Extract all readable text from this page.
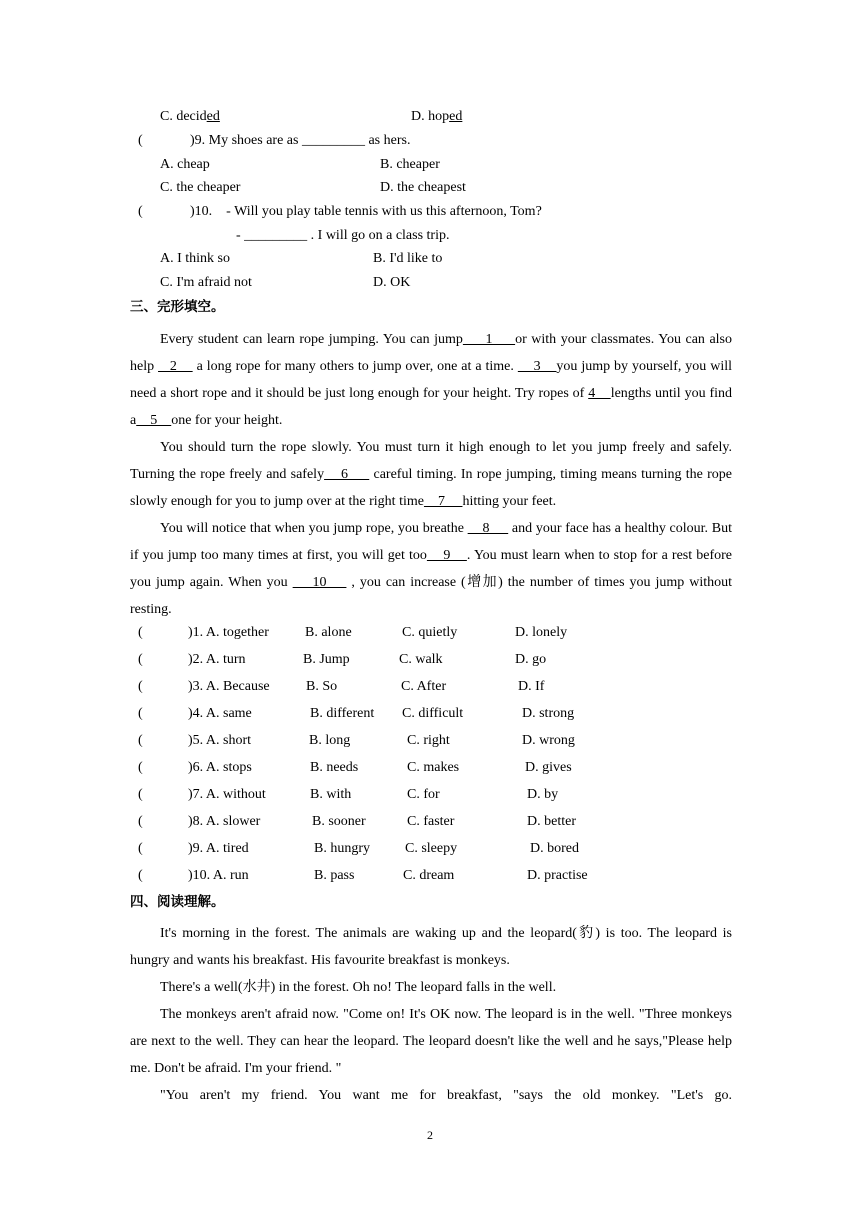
C. decided	D. hoped
(	)9. My shoes are as _________ as hers.
A. cheap	B. cheaper
C. the cheaper	D. the cheapest
(	)10.    - Will you play table tennis with us this afternoon, Tom?
- _________ . I will go on a class trip.
A. I think so	B. I'd like to
C. I'm afraid not	D. OK
三、完形填空。
Every student can learn rope jumping. You can jump     1     or with your classmates. You can also help    2     a long rope for many others to jump over, one at a time.     3    you jump by yourself, you will need a short rope and it should be just long enough for your height. Try ropes of 4    lengths until you find a    5    one for your height.
You should turn the rope slowly. You must turn it high enough to let you jump freely and safely. Turning the rope freely and safely    6      careful timing. In rope jumping, timing means turning the rope slowly enough for you to jump over at the right time    7     hitting your feet.
You will notice that when you jump rope, you breathe     8      and your face has a healthy colour. But if you jump too many times at first, you will get too    9    . You must learn when to stop for a rest before you jump again. When you     10     , you can increase (增加) the number of times you jump without resting.
(	)1. A. together	B. alone	C. quietly	D. lonely
(	)2. A. turn	B. Jump	C. walk	D. go
(	)3. A. Because	B. So	C. After	D. If
(	)4. A. same	B. different C. difficult	D. strong
(	)5. A. short	B. long	C. right	D. wrong
(	)6. A. stops	B. needs	C. makes	D. gives
(	)7. A. without	B. with	C. for	D. by
(	)8. A. slower	B. sooner	C. faster	D. better
(	)9. A. tired	B. hungry	C. sleepy	D. bored
(	)10. A. run	B. pass	C. dream	D. practise
四、阅读理解。
It's morning in the forest. The animals are waking up and the leopard(豹) is too. The leopard is hungry and wants his breakfast. His favourite breakfast is monkeys.
There's a well(水井) in the forest. Oh no! The leopard falls in the well.
The monkeys aren't afraid now. "Come on! It's OK now. The leopard is in the well. "Three monkeys are next to the well. They can hear the leopard. The leopard doesn't like the well and he says,"Please help me. Don't be afraid. I'm your friend. "
"You aren't my friend. You want me for breakfast, "says the old monkey. "Let's go.
2
